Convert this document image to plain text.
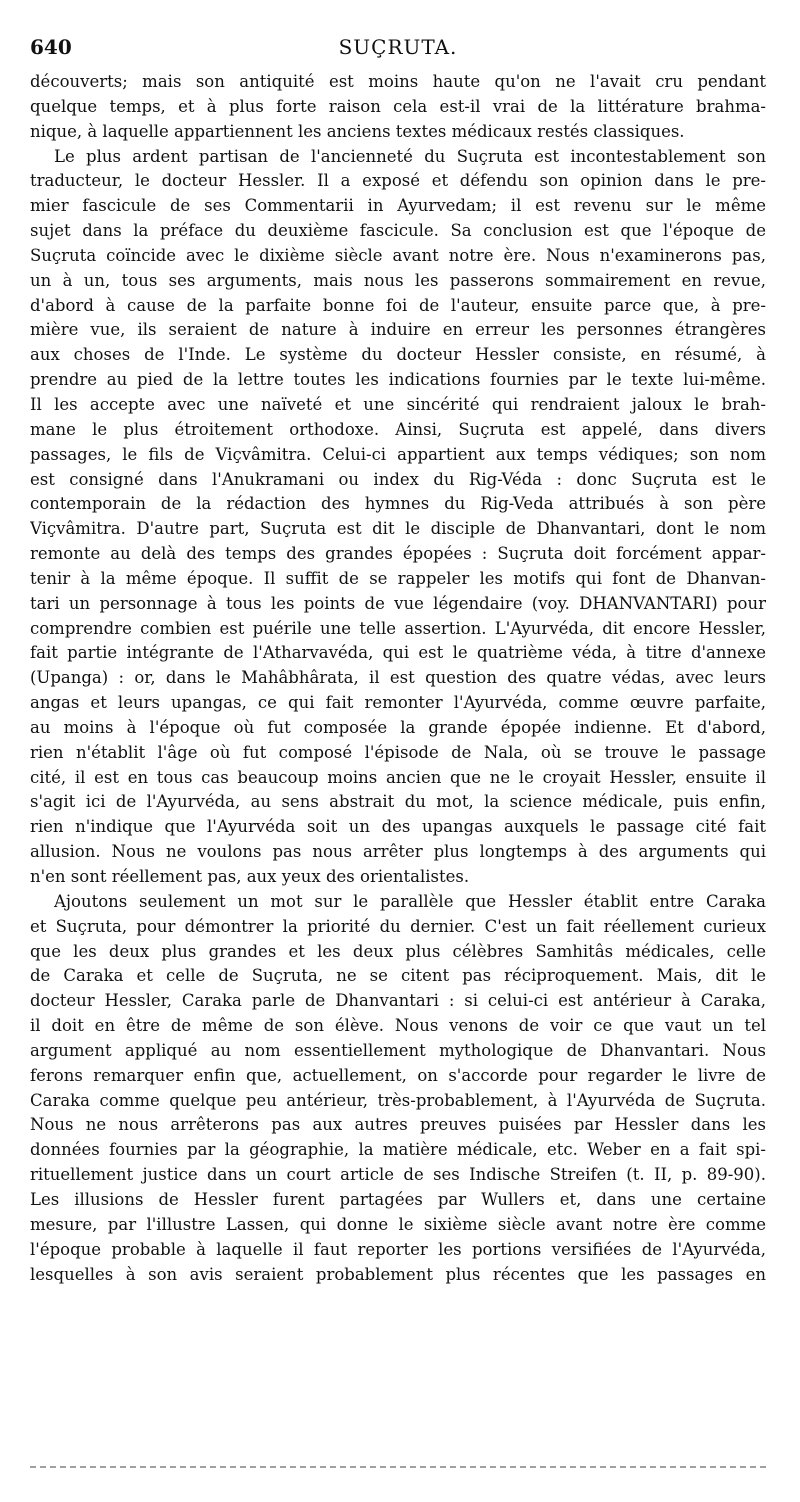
640	SUÇRUTA.
découverts; mais son antiquité est moins haute qu'on ne l'avait cru pendant
quelque temps, et à plus forte raison cela est-il vrai de la littérature brahma-
nique, à laquelle appartiennent les anciens textes médicaux restés classiques.
Le plus ardent partisan de l'ancienneté du Suçruta est incontestablement son
traducteur, le docteur Hessler. Il a exposé et défendu son opinion dans le pre-
mier fascicule de ses Commentarii in Ayurvedam; il est revenu sur le même
sujet dans la préface du deuxième fascicule. Sa conclusion est que l'époque de
Suçruta coïncide avec le dixième siècle avant notre ère. Nous n'examinerons pas,
un à un, tous ses arguments, mais nous les passerons sommairement en revue,
d'abord à cause de la parfaite bonne foi de l'auteur, ensuite parce que, à pre-
mière vue, ils seraient de nature à induire en erreur les personnes étrangères
aux choses de l'Inde. Le système du docteur Hessler consiste, en résumé, à
prendre au pied de la lettre toutes les indications fournies par le texte lui-même.
Il les accepte avec une naïveté et une sincérité qui rendraient jaloux le brah-
mane le plus étroitement orthodoxe. Ainsi, Suçruta est appelé, dans divers
passages, le fils de Viçvâmitra. Celui-ci appartient aux temps védiques; son nom
est consigné dans l'Anukramani ou index du Rig-Véda : donc Suçruta est le
contemporain de la rédaction des hymnes du Rig-Veda attribués à son père
Viçvâmitra. D'autre part, Suçruta est dit le disciple de Dhanvantari, dont le nom
remonte au delà des temps des grandes épopées : Suçruta doit forcément appar-
tenir à la même époque. Il suffit de se rappeler les motifs qui font de Dhanvan-
tari un personnage à tous les points de vue légendaire (voy. DHANVANTARI) pour
comprendre combien est puérile une telle assertion. L'Ayurvéda, dit encore Hessler,
fait partie intégrante de l'Atharvavéda, qui est le quatrième véda, à titre d'annexe
(Upanga) : or, dans le Mahâbhârata, il est question des quatre védas, avec leurs
angas et leurs upangas, ce qui fait remonter l'Ayurvéda, comme œuvre parfaite,
au moins à l'époque où fut composée la grande épopée indienne. Et d'abord,
rien n'établit l'âge où fut composé l'épisode de Nala, où se trouve le passage
cité, il est en tous cas beaucoup moins ancien que ne le croyait Hessler, ensuite il
s'agit ici de l'Ayurvéda, au sens abstrait du mot, la science médicale, puis enfin,
rien n'indique que l'Ayurvéda soit un des upangas auxquels le passage cité fait
allusion. Nous ne voulons pas nous arrêter plus longtemps à des arguments qui
n'en sont réellement pas, aux yeux des orientalistes.
Ajoutons seulement un mot sur le parallèle que Hessler établit entre Caraka
et Suçruta, pour démontrer la priorité du dernier. C'est un fait réellement curieux
que les deux plus grandes et les deux plus célèbres Samhitâs médicales, celle
de Caraka et celle de Suçruta, ne se citent pas réciproquement. Mais, dit le
docteur Hessler, Caraka parle de Dhanvantari : si celui-ci est antérieur à Caraka,
il doit en être de même de son élève. Nous venons de voir ce que vaut un tel
argument appliqué au nom essentiellement mythologique de Dhanvantari. Nous
ferons remarquer enfin que, actuellement, on s'accorde pour regarder le livre de
Caraka comme quelque peu antérieur, très-probablement, à l'Ayurvéda de Suçruta.
Nous ne nous arrêterons pas aux autres preuves puisées par Hessler dans les
données fournies par la géographie, la matière médicale, etc. Weber en a fait spi-
rituellement justice dans un court article de ses Indische Streifen (t. II, p. 89-90).
Les illusions de Hessler furent partagées par Wullers et, dans une certaine
mesure, par l'illustre Lassen, qui donne le sixième siècle avant notre ère comme
l'époque probable à laquelle il faut reporter les portions versifiées de l'Ayurvéda,
lesquelles à son avis seraient probablement plus récentes que les passages en
